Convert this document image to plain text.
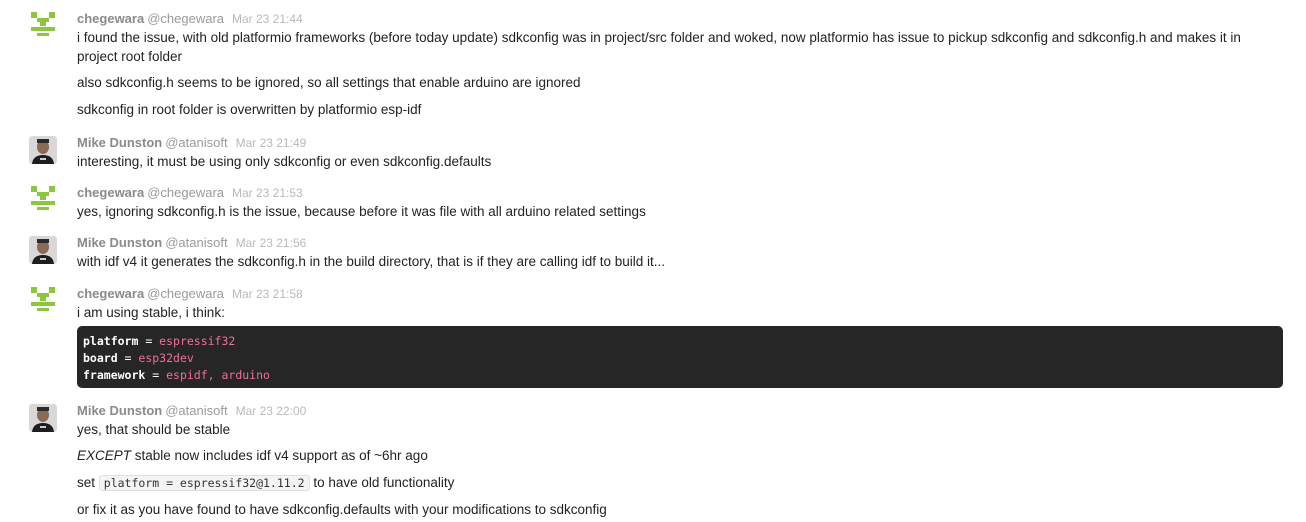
chegewara @chegewara Mar 23 21:44
i found the issue, with old platformio frameworks (before today update) sdkconfig was in project/src folder and woked, now platformio has issue to pickup sdkconfig and sdkconfig.h and makes it in
project root folder
also sdkconfig.h seems to be ignored, so all settings that enable arduino are ignored
sdkconfig in root folder is overwritten by platformio esp-idf
Mike Dunston @atanisoft Mar 23 21:49
interesting, it must be using only sdkconfig or even sdkconfig.defaults
chegewara @chegewara Mar 23 21:53
yes, ignoring sdkconfig.h is the issue, because before it was file with all arduino related settings
Mike Dunston @atanisoft Mar 23 21:56
with idf v4 it generates the sdkconfig.h in the build directory, that is if they are calling idf to build it...
chegewara @chegewara Mar 23 21:58
i am using stable, i think:
platform = espressif32
board = esp32dev
framework = espidf, arduino
Mike Dunston @atanisoft Mar 23 22:00
yes, that should be stable
EXCEPT stable now includes idf v4 support as of ~6hr ago
set platform = espressif32@1.11.2 to have old functionality
or fix it as you have found to have sdkconfig.defaults with your modifications to sdkconfig
